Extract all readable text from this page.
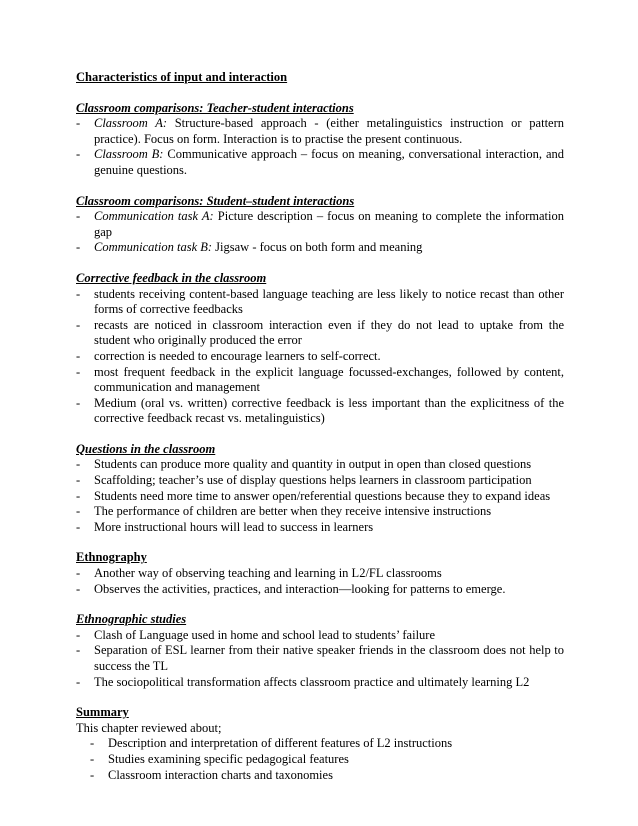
Characteristics of input and interaction

Classroom comparisons: Teacher-student interactions
-	Classroom A: Structure-based approach - (either metalinguistics instruction or pattern practice). Focus on form. Interaction is to practise the present continuous.
-	Classroom B: Communicative approach – focus on meaning, conversational interaction, and genuine questions.
Classroom comparisons: Student–student interactions
-	Communication task A: Picture description – focus on meaning to complete the information gap
-	Communication task B: Jigsaw - focus on both form and meaning
Corrective feedback in the classroom
-	students receiving content-based language teaching are less likely to notice recast than other forms of corrective feedbacks
-	recasts are noticed in classroom interaction even if they do not lead to uptake from the student who originally produced the error
-	correction is needed to encourage learners to self-correct.
-	most frequent feedback in the explicit language focussed-exchanges, followed by content, communication and management
-	Medium (oral vs. written) corrective feedback is less important than the explicitness of the corrective feedback recast vs. metalinguistics)
Questions in the classroom
-	Students can produce more quality and quantity in output in open than closed questions
-	Scaffolding; teacher’s use of display questions helps learners in classroom participation
-	Students need more time to answer open/referential questions because they to expand ideas
-	The performance of children are better when they receive intensive instructions
-	More instructional hours will lead to success in learners
Ethnography
-	Another way of observing teaching and learning in L2/FL classrooms
-	Observes the activities, practices, and interaction—looking for patterns to emerge.
Ethnographic studies
-	Clash of Language used in home and school lead to students’ failure
-	Separation of ESL learner from their native speaker friends in the classroom does not help to success the TL
-	The sociopolitical transformation affects classroom practice and ultimately learning L2
Summary
This chapter reviewed about;
-	Description and interpretation of different features of L2 instructions
-	Studies examining specific pedagogical features
-	Classroom interaction charts and taxonomies
